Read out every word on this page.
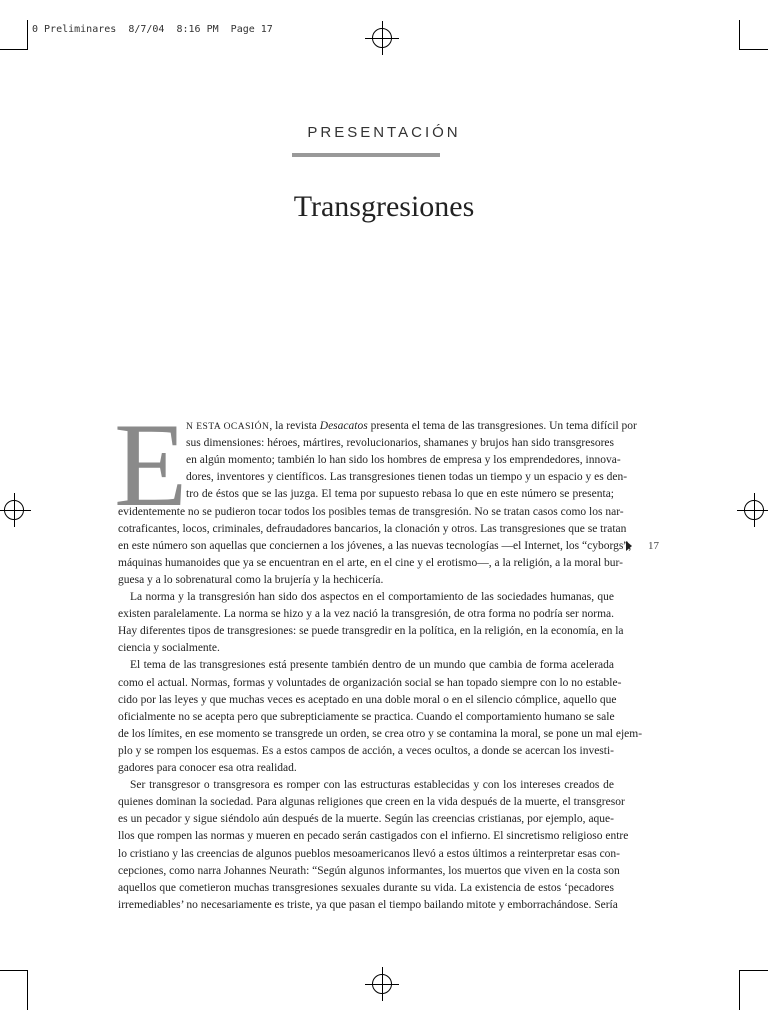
0 Preliminares  8/7/04  8:16 PM  Page 17
PRESENTACIÓN
Transgresiones
E
17
N ESTA OCASIÓN, la revista Desacatos presenta el tema de las transgresiones. Un tema difícil por
sus dimensiones: héroes, mártires, revolucionarios, shamanes y brujos han sido transgresores
en algún momento; también lo han sido los hombres de empresa y los emprendedores, innova-
dores, inventores y científicos. Las transgresiones tienen todas un tiempo y un espacio y es den-
tro de éstos que se las juzga. El tema por supuesto rebasa lo que en este número se presenta;
evidentemente no se pudieron tocar todos los posibles temas de transgresión. No se tratan casos como los nar-
cotraficantes, locos, criminales, defraudadores bancarios, la clonación y otros. Las transgresiones que se tratan
en este número son aquellas que conciernen a los jóvenes, a las nuevas tecnologías —el Internet, los “cyborgs”,
máquinas humanoides que ya se encuentran en el arte, en el cine y el erotismo—, a la religión, a la moral bur-
guesa y a lo sobrenatural como la brujería y la hechicería.
La norma y la transgresión han sido dos aspectos en el comportamiento de las sociedades humanas, que
existen paralelamente. La norma se hizo y a la vez nació la transgresión, de otra forma no podría ser norma.
Hay diferentes tipos de transgresiones: se puede transgredir en la política, en la religión, en la economía, en la
ciencia y socialmente.
El tema de las transgresiones está presente también dentro de un mundo que cambia de forma acelerada
como el actual. Normas, formas y voluntades de organización social se han topado siempre con lo no estable-
cido por las leyes y que muchas veces es aceptado en una doble moral o en el silencio cómplice, aquello que
oficialmente no se acepta pero que subrepticiamente se practica. Cuando el comportamiento humano se sale
de los límites, en ese momento se transgrede un orden, se crea otro y se contamina la moral, se pone un mal ejem-
plo y se rompen los esquemas. Es a estos campos de acción, a veces ocultos, a donde se acercan los investi-
gadores para conocer esa otra realidad.
Ser transgresor o transgresora es romper con las estructuras establecidas y con los intereses creados de
quienes dominan la sociedad. Para algunas religiones que creen en la vida después de la muerte, el transgresor
es un pecador y sigue siéndolo aún después de la muerte. Según las creencias cristianas, por ejemplo, aque-
llos que rompen las normas y mueren en pecado serán castigados con el infierno. El sincretismo religioso entre
lo cristiano y las creencias de algunos pueblos mesoamericanos llevó a estos últimos a reinterpretar esas con-
cepciones, como narra Johannes Neurath: “Según algunos informantes, los muertos que viven en la costa son
aquellos que cometieron muchas transgresiones sexuales durante su vida. La existencia de estos ‘pecadores
irremediables’ no necesariamente es triste, ya que pasan el tiempo bailando mitote y emborrachándose. Sería
